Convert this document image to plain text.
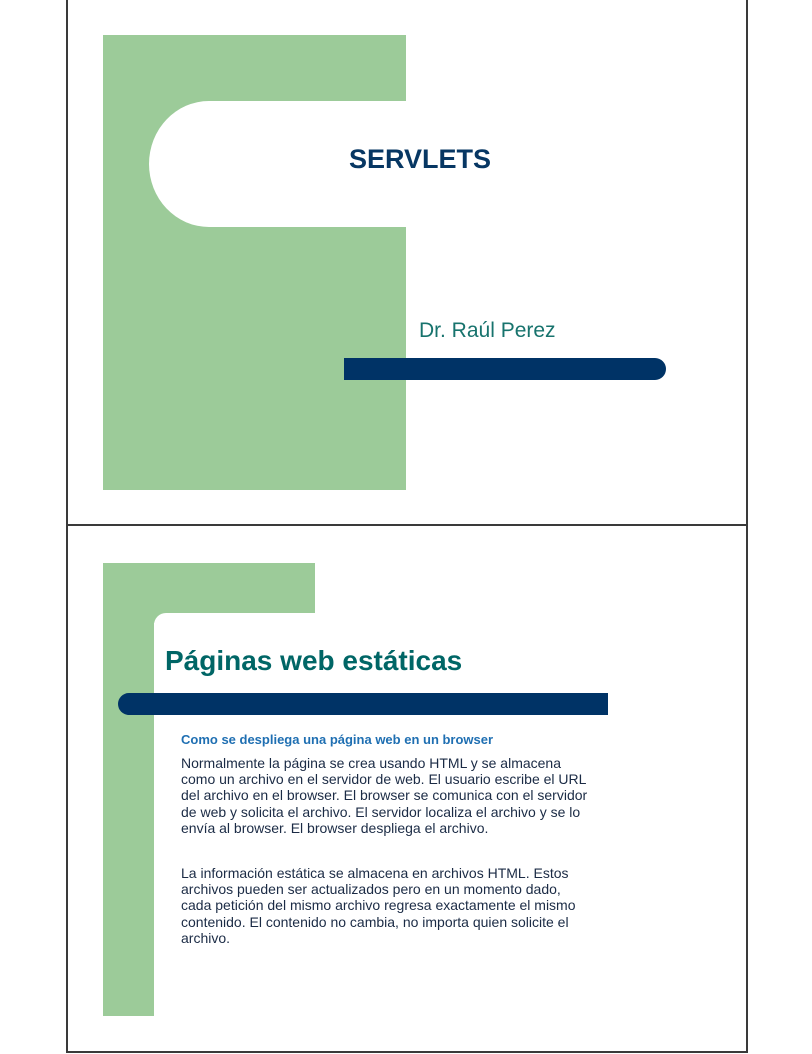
SERVLETS
Dr. Raúl Perez
Páginas web estáticas
Como se despliega una página web en un browser
Normalmente la página se crea usando HTML y se almacena
como un archivo en el servidor de web. El usuario escribe el URL
del archivo en el browser. El browser se comunica con el servidor
de web y solicita el archivo. El servidor localiza el archivo y se lo
envía al browser. El browser despliega el archivo.
La información estática se almacena en archivos HTML. Estos
archivos pueden ser actualizados pero en un momento dado,
cada petición del mismo archivo regresa exactamente el mismo
contenido. El contenido no cambia, no importa quien solicite el
archivo.
